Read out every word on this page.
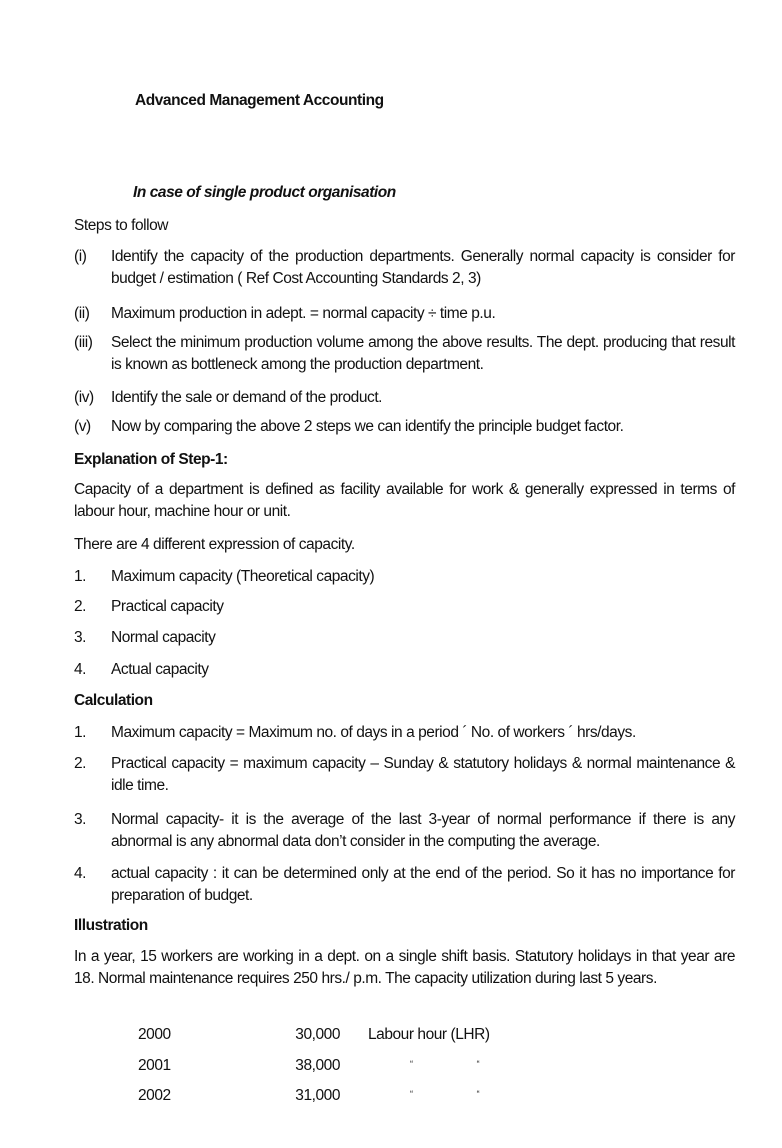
Advanced Management Accounting
In case of single product organisation
Steps to follow
(i)	Identify the capacity of the production departments. Generally normal capacity is consider for budget / estimation ( Ref Cost Accounting Standards 2, 3)
(ii)	Maximum production in adept. = normal capacity ÷ time p.u.
(iii)	Select the minimum production volume among the above results. The dept. producing that result is known as bottleneck among the production department.
(iv)	Identify the sale or demand of the product.
(v)	Now by comparing the above 2 steps we can identify the principle budget factor.
Explanation of Step-1:
Capacity of a department is defined as facility available for work & generally expressed in terms of labour hour, machine hour or unit.
There are 4 different expression of capacity.
1.	Maximum capacity (Theoretical capacity)
2.	Practical capacity
3.	Normal capacity
4.	Actual capacity
Calculation
1.	Maximum capacity = Maximum no. of days in a period ´ No. of workers ´ hrs/days.
2.	Practical capacity = maximum capacity – Sunday & statutory holidays & normal maintenance & idle time.
3.	Normal capacity- it is the average of the last 3-year of normal performance if there is any abnormal is any abnormal data don’t consider in the computing the average.
4.	actual capacity : it can be determined only at the end of the period. So it has no importance for preparation of budget.
Illustration
In a year, 15 workers are working in a dept. on a single shift basis. Statutory holidays in that year are 18. Normal maintenance requires 250 hrs./ p.m. The capacity utilization during last 5 years.
2000	30,000 Labour hour (LHR)
2001	38,000	“	“
2002	31,000	“	“
